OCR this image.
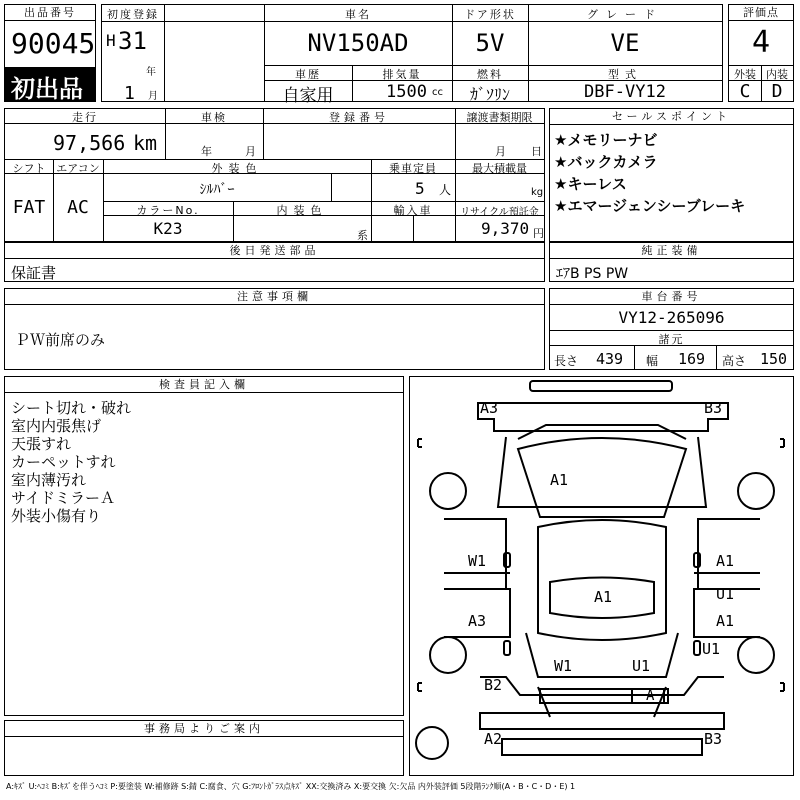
出品番号
90045
初出品
初度登録
H 31
年
1 月
車名
NV150AD
ドア形状
5V
グレード
VE
車歴
自家用
排気量
1500 cc
燃料
ｶﾞｿﾘﾝ
型式
DBF-VY12
評価点
4
外装 内装
C	D
走行
97,566 km
車検
年	月
登録番号	譲渡書類期限
月 日
シフト
FAT
エアコン
AC
外装色
ｼﾙﾊﾞｰ
乗車定員
5 人
最大積載量
kg
カラーNo.
K23
内装色
系
輸入車	リサイクル預託金
9,370 円
セールスポイント
★メモリーナビ
★バックカメラ
★キーレス
★エマージェンシーブレーキ
後日発送部品
保証書
純正装備
ｴｱB PS PW
注意事項欄
ＰＷ前席のみ
車台番号
VY12-265096
諸元
長さ 439 幅 169 高さ 150
検査員記入欄
シート切れ・破れ
室内内張焦げ
天張すれ
カーペットすれ
室内薄汚れ
サイドミラーＡ
外装小傷有り
事務局よりご案内
A3	B3
A1
W1	A1
U1
A1
A3	A1
U1
W1	U1
B2
A
A2	B3
A:ｷｽﾞ U:ﾍｺﾐ B:ｷｽﾞを伴うﾍｺﾐ P:要塗装 W:補修跡 S:錆 C:腐食、穴 G:ﾌﾛﾝﾄｶﾞﾗｽ点ｷｽﾞ XX:交換済み X:要交換 欠:欠品 内外装評価 5段階ﾗﾝｸ順(A・B・C・D・E) 1
